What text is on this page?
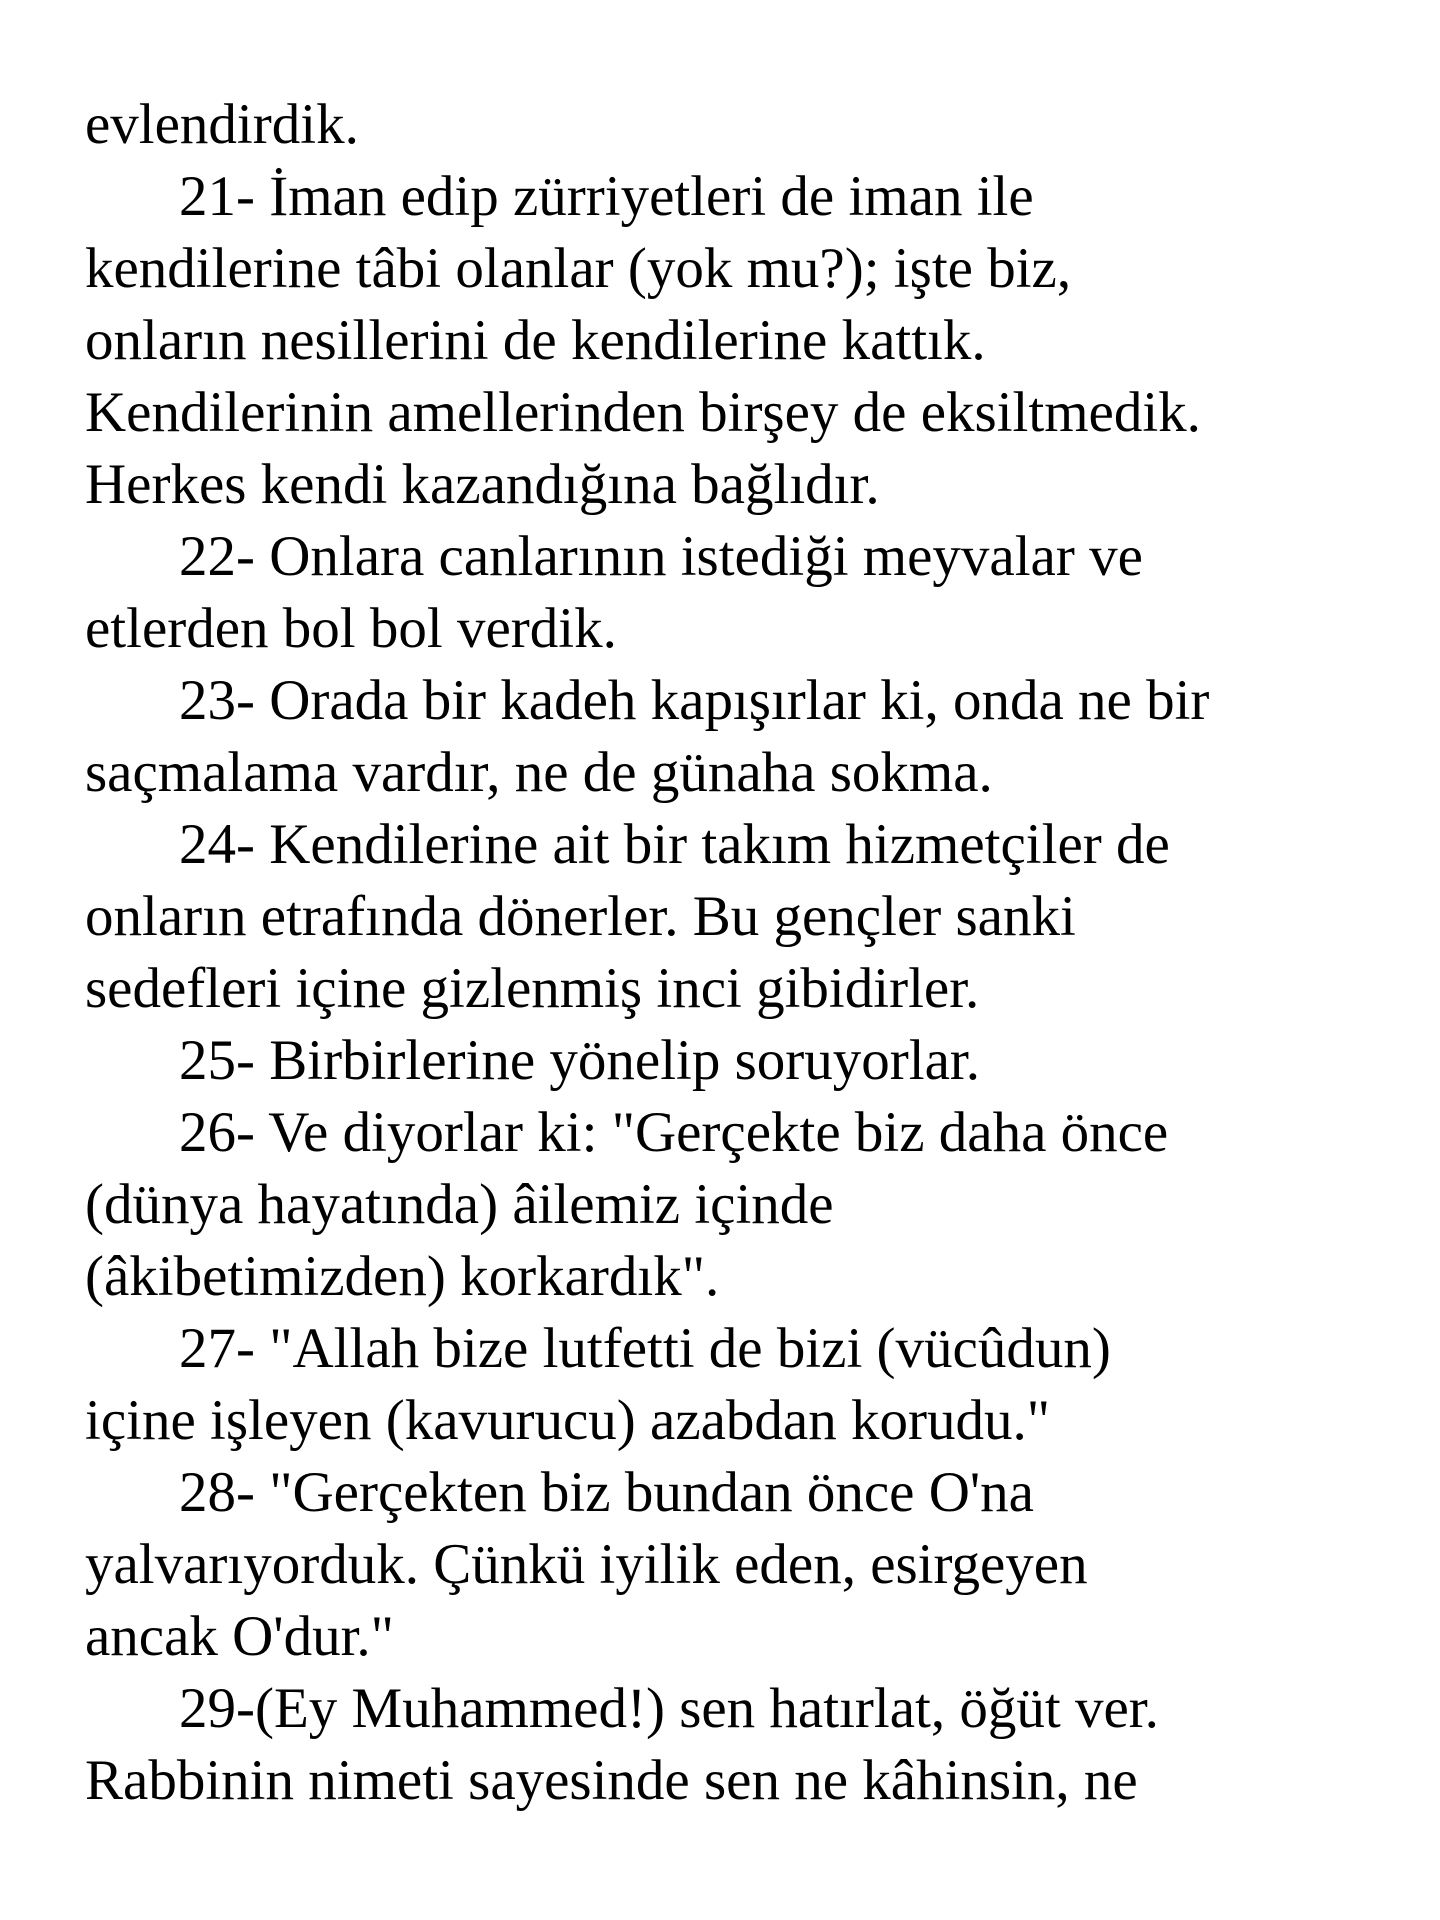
evlendirdik.
21- İman edip zürriyetleri de iman ile
kendilerine tâbi olanlar (yok mu?); işte biz,
onların nesillerini de kendilerine kattık.
Kendilerinin amellerinden birşey de eksiltmedik.
Herkes kendi kazandığına bağlıdır.
22- Onlara canlarının istediği meyvalar ve
etlerden bol bol verdik.
23- Orada bir kadeh kapışırlar ki, onda ne bir
saçmalama vardır, ne de günaha sokma.
24- Kendilerine ait bir takım hizmetçiler de
onların etrafında dönerler. Bu gençler sanki
sedefleri içine gizlenmiş inci gibidirler.
25- Birbirlerine yönelip soruyorlar.
26- Ve diyorlar ki: "Gerçekte biz daha önce
(dünya hayatında) âilemiz içinde
(âkibetimizden) korkardık".
27- "Allah bize lutfetti de bizi (vücûdun)
içine işleyen (kavurucu) azabdan korudu."
28- "Gerçekten biz bundan önce O'na
yalvarıyorduk. Çünkü iyilik eden, esirgeyen
ancak O'dur."
29-(Ey Muhammed!) sen hatırlat, öğüt ver.
Rabbinin nimeti sayesinde sen ne kâhinsin, ne
